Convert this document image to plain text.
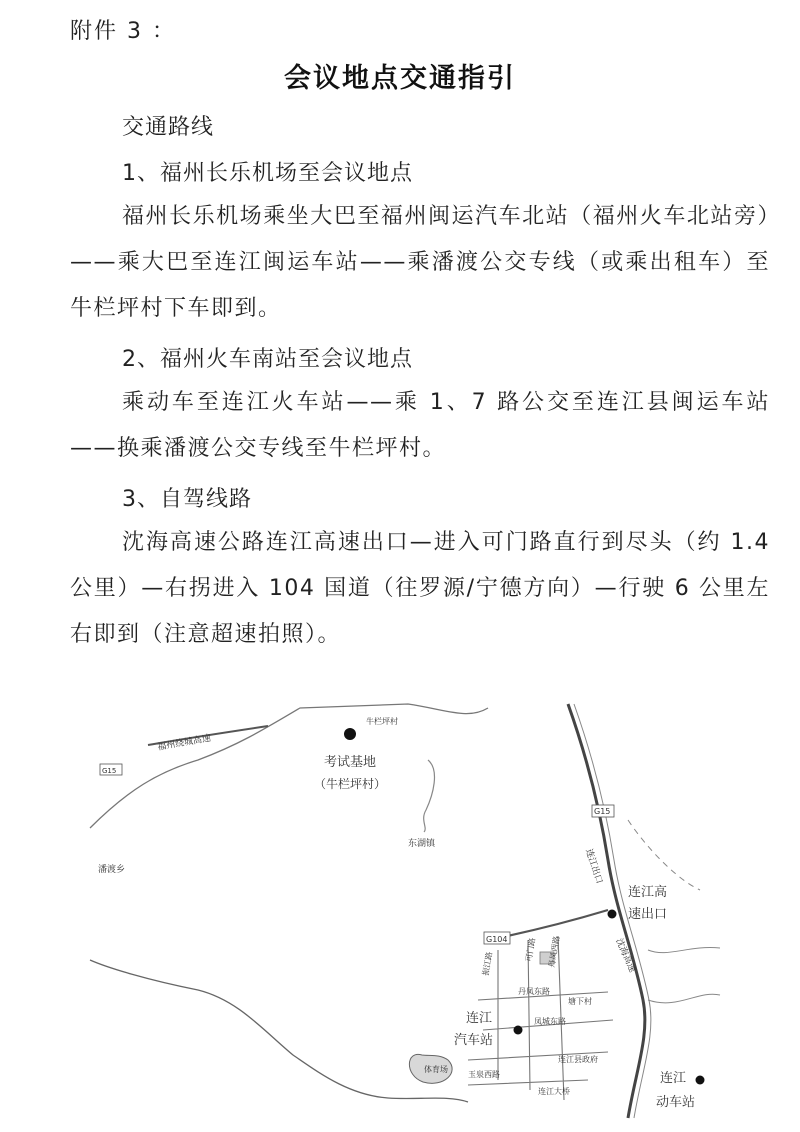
附件 3 ：
会议地点交通指引
交通路线
1、福州长乐机场至会议地点
福州长乐机场乘坐大巴至福州闽运汽车北站（福州火车北站旁）——乘大巴至连江闽运车站——乘潘渡公交专线（或乘出租车）至牛栏坪村下车即到。
2、福州火车南站至会议地点
乘动车至连江火车站——乘 1、7 路公交至连江县闽运车站——换乘潘渡公交专线至牛栏坪村。
3、自驾线路
沈海高速公路连江高速出口—进入可门路直行到尽头（约 1.4 公里）—右拐进入 104 国道（往罗源/宁德方向）—行驶 6 公里左右即到（注意超速拍照）。
G15
G15
G104
福州绕城高速
沈海高速
连江出口
牛栏坪村
考试基地
（牛栏坪村）
东湖镇
潘渡乡
连江高
速出口
连江
汽车站
连江
动车站
可门路
丹凤东路
塘下村
凤城东路
连江县政府
玉泉西路
连江大桥
振江路	丹凤西路
体育场
